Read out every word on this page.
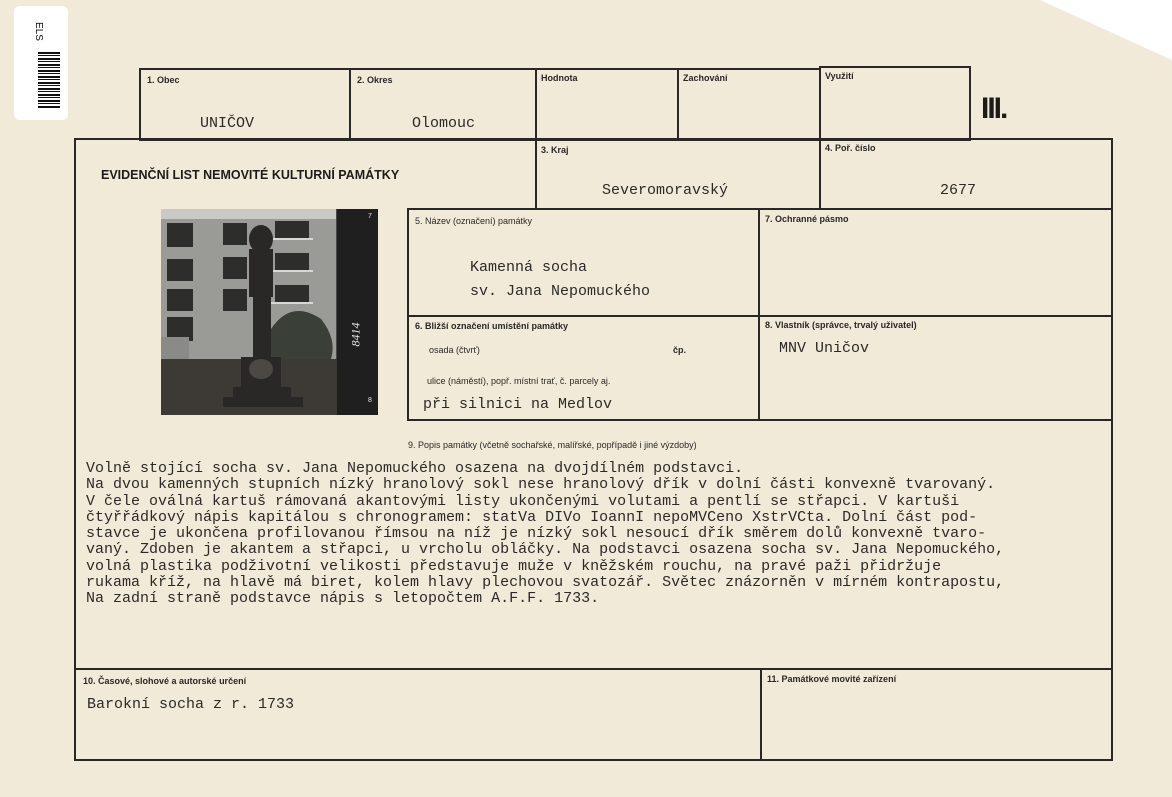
ELS
III.
1. Obec
UNIČOV
2. Okres
Olomouc
Hodnota	Zachování	Využití
EVIDENČNÍ LIST NEMOVITÉ KULTURNÍ PAMÁTKY
3. Kraj
Severomoravský
4. Poř. číslo
2677
8414
7
8
5. Název (označení) památky
Kamenná socha
sv. Jana Nepomuckého
7. Ochranné pásmo
6. Bližší označení umístění památky
osada (čtvrť)	čp.
ulice (náměstí), popř. místní trať, č. parcely aj.
při silnici na Medlov
8. Vlastník (správce, trvalý uživatel)
MNV Uničov
9. Popis památky (včetně sochařské, malířské, popřípadě i jiné výzdoby)
Volně stojící socha sv. Jana Nepomuckého osazena na dvojdílném podstavci.
Na dvou kamenných stupních nízký hranolový sokl nese hranolový dřík v dolní části konvexně tvarovaný.
V čele oválná kartuš rámovaná akantovými listy ukončenými volutami a pentlí se střapci. V kartuši
čtyřřádkový nápis kapitálou s chronogramem: statVa DIVo IoannI nepoMVCeno XstrVCta. Dolní část pod-
stavce je ukončena profilovanou římsou na níž je nízký sokl nesoucí dřík směrem dolů konvexně tvaro-
vaný. Zdoben je akantem a střapci, u vrcholu obláčky. Na podstavci osazena socha sv. Jana Nepomuckého,
volná plastika podživotní velikosti představuje muže v kněžském rouchu, na pravé paži přidržuje
rukama kříž, na hlavě má biret, kolem hlavy plechovou svatozář. Světec znázorněn v mírném kontrapostu,
Na zadní straně podstavce nápis s letopočtem A.F.F. 1733.
10. Časové, slohové a autorské určení
Barokní socha z r. 1733
11. Památkové movité zařízení
